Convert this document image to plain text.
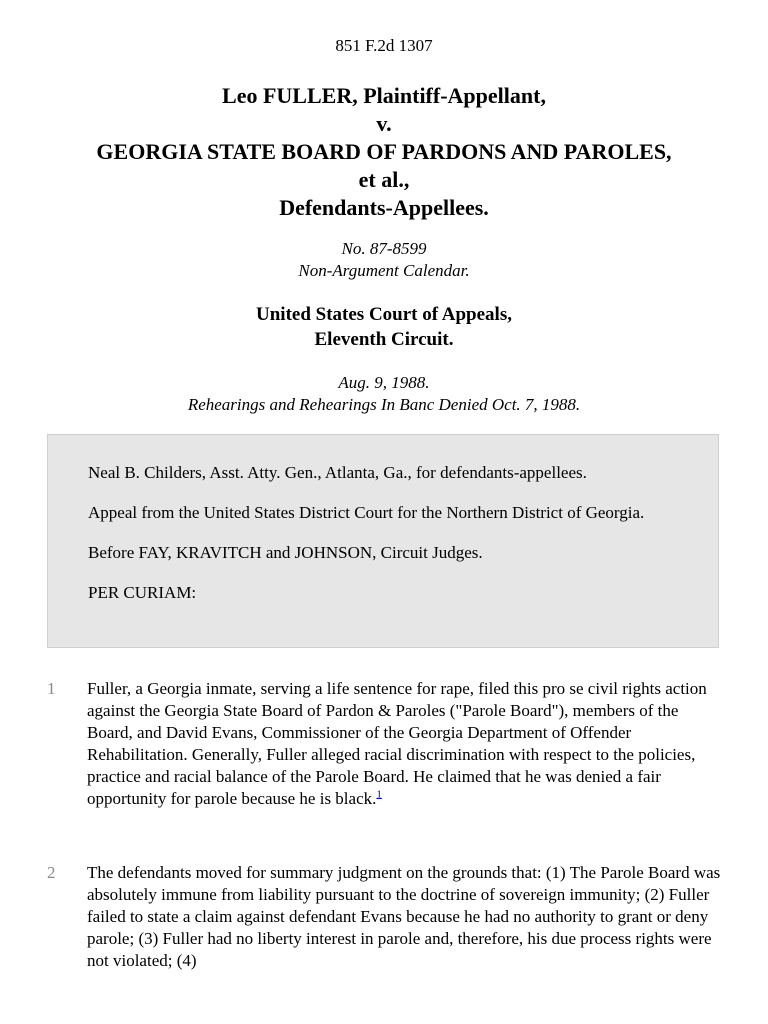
851 F.2d 1307
Leo FULLER, Plaintiff-Appellant,
v.
GEORGIA STATE BOARD OF PARDONS AND PAROLES,
et al.,
Defendants-Appellees.
No. 87-8599
Non-Argument Calendar.
United States Court of Appeals,
Eleventh Circuit.
Aug. 9, 1988.
Rehearings and Rehearings In Banc Denied Oct. 7, 1988.

Neal B. Childers, Asst. Atty. Gen., Atlanta, Ga., for defendants-appellees.

Appeal from the United States District Court for the Northern District of Georgia.

Before FAY, KRAVITCH and JOHNSON, Circuit Judges.

PER CURIAM:

1 Fuller, a Georgia inmate, serving a life sentence for rape, filed this pro se civil rights action against the Georgia State Board of Pardon & Paroles ("Parole Board"), members of the Board, and David Evans, Commissioner of the Georgia Department of Offender Rehabilitation. Generally, Fuller alleged racial discrimination with respect to the policies, practice and racial balance of the Parole Board. He claimed that he was denied a fair opportunity for parole because he is black.$^1$
2 The defendants moved for summary judgment on the grounds that: (1) The Parole Board was absolutely immune from liability pursuant to the doctrine of sovereign immunity; (2) Fuller failed to state a claim against defendant Evans because he had no authority to grant or deny parole; (3) Fuller had no liberty interest in parole and, therefore, his due process rights were not violated; (4)
